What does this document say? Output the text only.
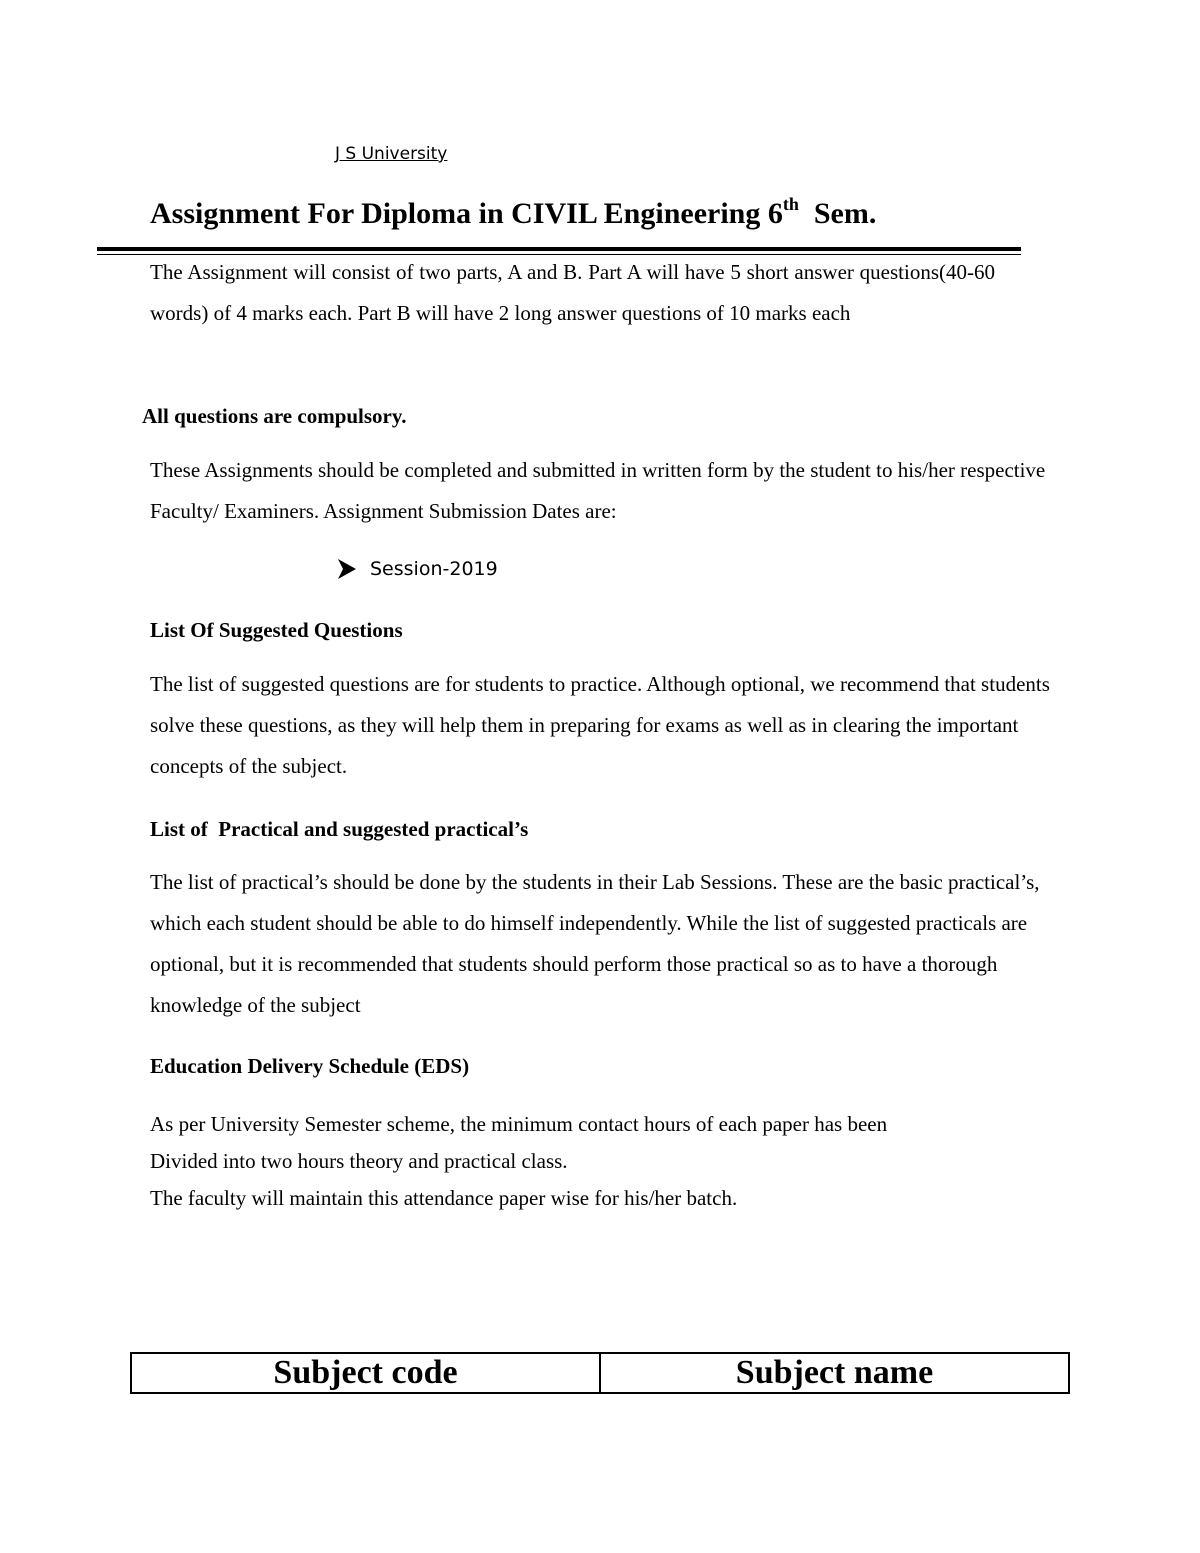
J S University
Assignment For Diploma in CIVIL Engineering 6th Sem.
The Assignment will consist of two parts, A and B. Part A will have 5 short answer questions(40-60 words) of 4 marks each. Part B will have 2 long answer questions of 10 marks each
All questions are compulsory.
These Assignments should be completed and submitted in written form by the student to his/her respective Faculty/ Examiners. Assignment Submission Dates are:
Session-2019
List Of Suggested Questions
The list of suggested questions are for students to practice. Although optional, we recommend that students solve these questions, as they will help them in preparing for exams as well as in clearing the important concepts of the subject.
List of  Practical and suggested practical’s
The list of practical’s should be done by the students in their Lab Sessions. These are the basic practical’s, which each student should be able to do himself independently. While the list of suggested practicals are optional, but it is recommended that students should perform those practical so as to have a thorough knowledge of the subject
Education Delivery Schedule (EDS)
As per University Semester scheme, the minimum contact hours of each paper has been
Divided into two hours theory and practical class.
The faculty will maintain this attendance paper wise for his/her batch.
Subject code	Subject name
